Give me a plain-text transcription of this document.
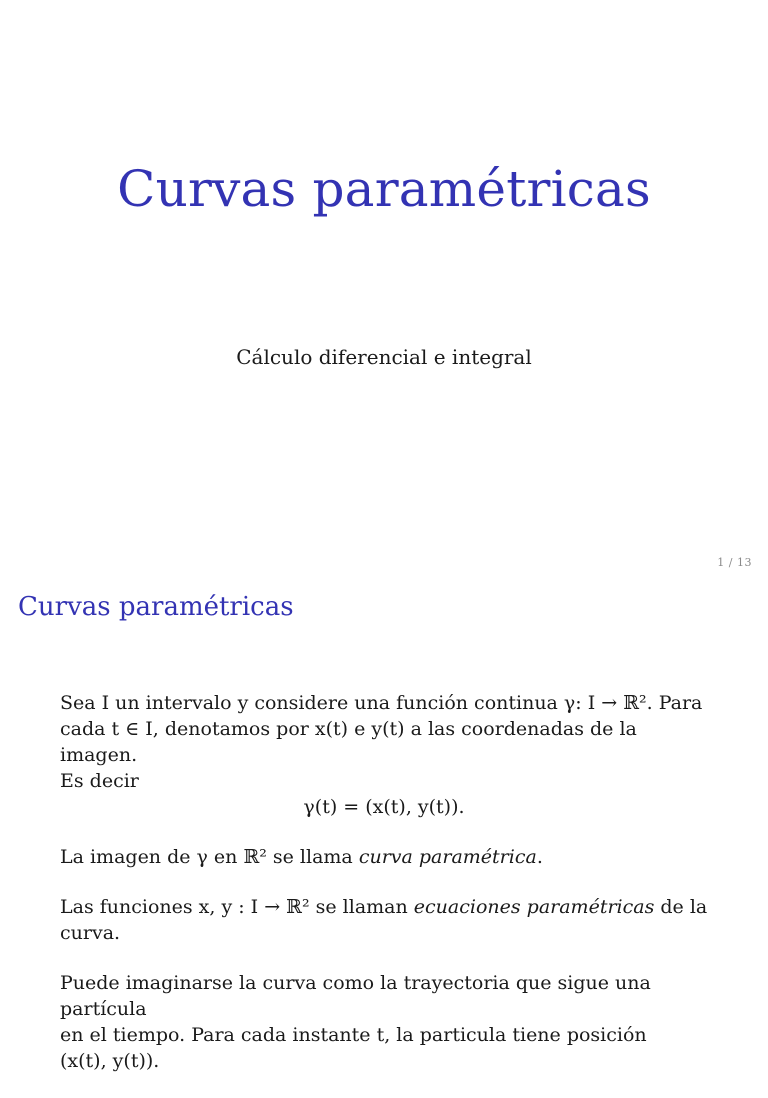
Curvas paramétricas
Cálculo diferencial e integral
1 / 13
Curvas paramétricas
Sea I un intervalo y considere una función continua γ: I → ℝ². Para
cada t ∈ I, denotamos por x(t) e y(t) a las coordenadas de la imagen.
Es decir
γ(t) = (x(t), y(t)).
La imagen de γ en ℝ² se llama curva paramétrica.
Las funciones x, y : I → ℝ² se llaman ecuaciones paramétricas de la
curva.
Puede imaginarse la curva como la trayectoria que sigue una partícula
en el tiempo. Para cada instante t, la particula tiene posición
(x(t), y(t)).
